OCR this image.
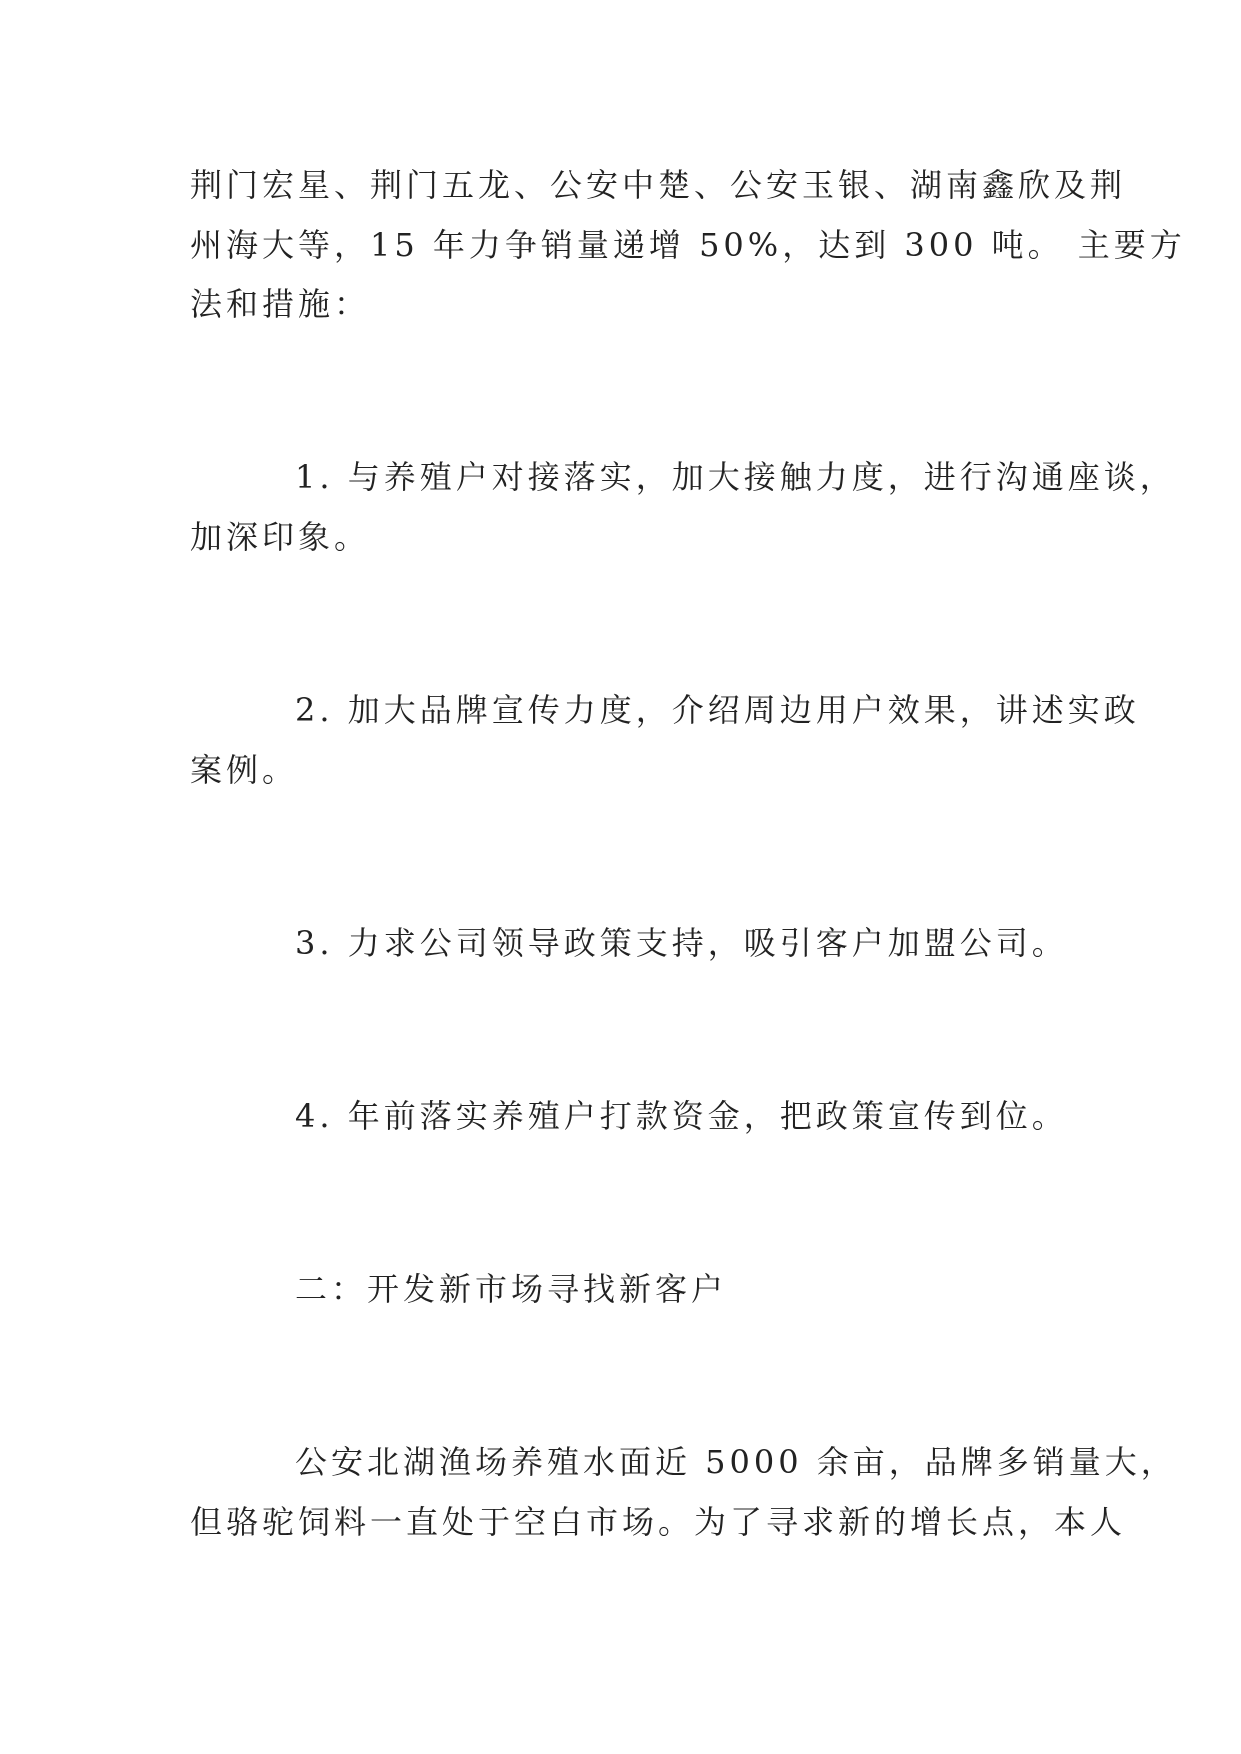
荆门宏星、荆门五龙、公安中楚、公安玉银、湖南鑫欣及荆
州海大等，15 年力争销量递增 50%，达到 300 吨。 主要方
法和措施：
1. 与养殖户对接落实，加大接触力度，进行沟通座谈，
加深印象。
2. 加大品牌宣传力度，介绍周边用户效果，讲述实政
案例。
3. 力求公司领导政策支持，吸引客户加盟公司。
4. 年前落实养殖户打款资金，把政策宣传到位。
二：开发新市场寻找新客户
公安北湖渔场养殖水面近 5000 余亩，品牌多销量大，
但骆驼饲料一直处于空白市场。为了寻求新的增长点，本人
